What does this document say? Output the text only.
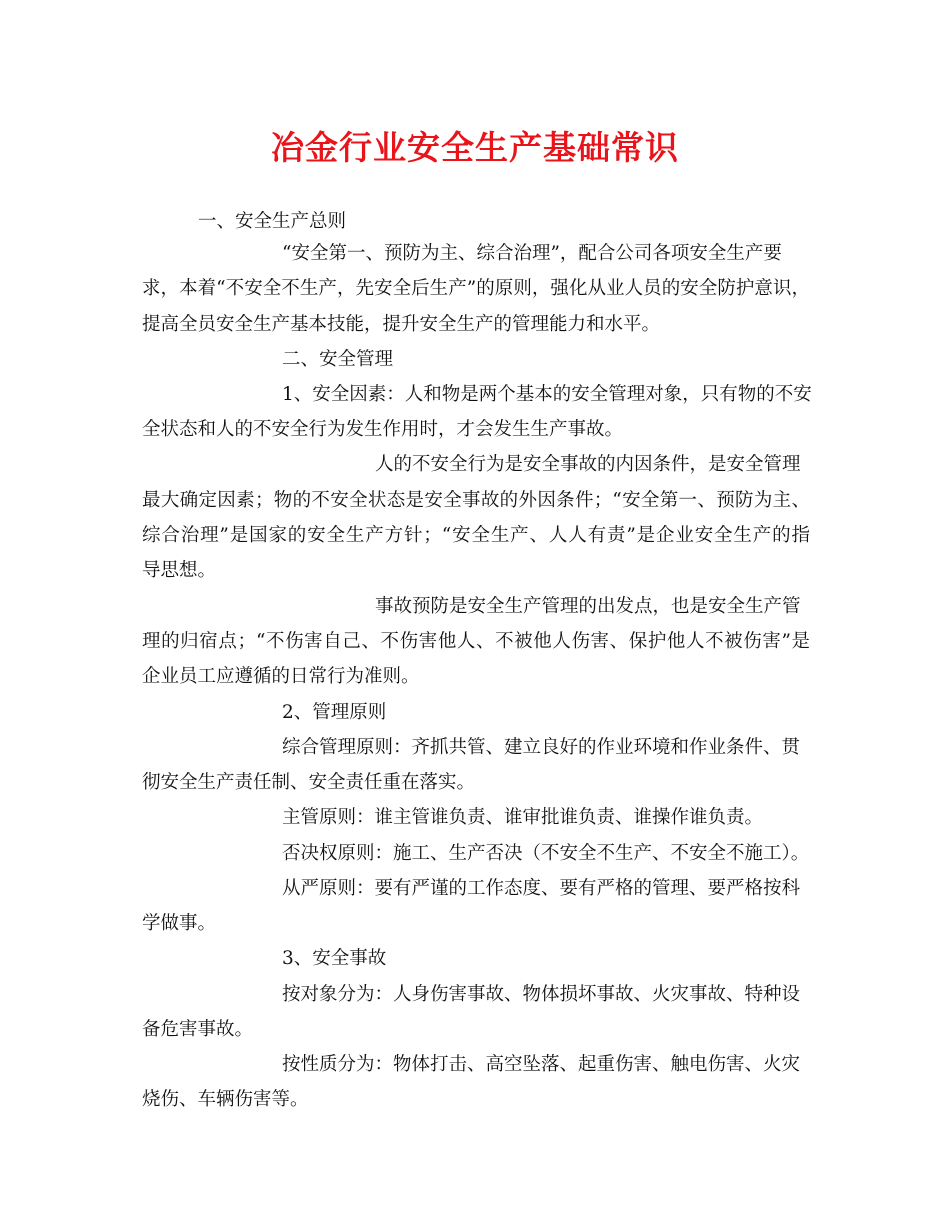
冶金行业安全生产基础常识
一、安全生产总则
“安全第一、预防为主、综合治理”，配合公司各项安全生产要
求，本着“不安全不生产，先安全后生产”的原则，强化从业人员的安全防护意识，
提高全员安全生产基本技能，提升安全生产的管理能力和水平。
二、安全管理
1、安全因素：人和物是两个基本的安全管理对象，只有物的不安
全状态和人的不安全行为发生作用时，才会发生生产事故。
人的不安全行为是安全事故的内因条件，是安全管理
最大确定因素；物的不安全状态是安全事故的外因条件；“安全第一、预防为主、
综合治理”是国家的安全生产方针；“安全生产、人人有责”是企业安全生产的指
导思想。
事故预防是安全生产管理的出发点，也是安全生产管
理的归宿点；“不伤害自己、不伤害他人、不被他人伤害、保护他人不被伤害”是
企业员工应遵循的日常行为准则。
2、管理原则
综合管理原则：齐抓共管、建立良好的作业环境和作业条件、贯
彻安全生产责任制、安全责任重在落实。
主管原则：谁主管谁负责、谁审批谁负责、谁操作谁负责。
否决权原则：施工、生产否决（不安全不生产、不安全不施工）。
从严原则：要有严谨的工作态度、要有严格的管理、要严格按科
学做事。
3、安全事故
按对象分为：人身伤害事故、物体损坏事故、火灾事故、特种设
备危害事故。
按性质分为：物体打击、高空坠落、起重伤害、触电伤害、火灾
烧伤、车辆伤害等。
